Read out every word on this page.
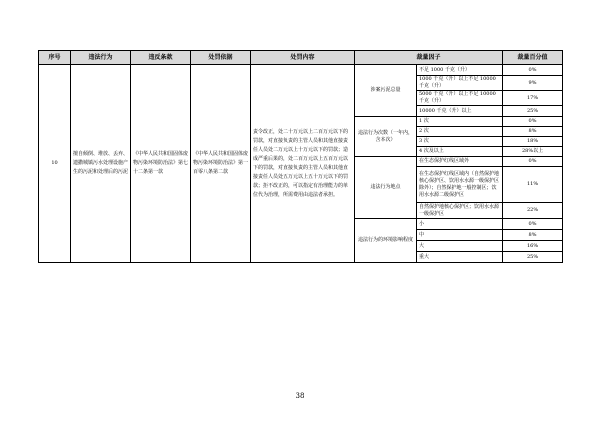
序号	违法行为	违反条款	处罚依据	处罚内容	裁量因子		裁量百分值
10	擅自倾倒、堆放、丢弃、遗撒城镇污水处理设施产生的污泥和处理后的污泥	《中华人民共和国固体废物污染环境防治法》第七十二条第一款	《中华人民共和国固体废物污染环境防治法》第一百零八条第二款	责令改正，处二十万元以上二百万元以下的罚款，对直接负责的主管人员和其他直接责任人员处二万元以上十万元以下的罚款；造成严重后果的，处二百万元以上五百万元以下的罚款，对直接负责的主管人员和其他直接责任人员处五万元以上五十万元以下的罚款；拒不改正的，可以指定有治理能力的单位代为治理，所需费用由违法者承担。	涉案污泥总量	不足 1000 千克（升）	0%
						1000 千克（升）以上不足 10000 千克（升）	9%
						5000 千克（升）以上不足 10000 千克（升）	17%
						10000 千克（升）以上	25%
					违法行为次数（一年内，含本次）	1 次	0%
						2 次	8%
						3 次	18%
						4 次及以上	28%以上
					违法行为地点	在生态保护红线区域外	0%
						在生态保护红线区域内（自然保护地核心保护区、饮用水水源一级保护区除外）；自然保护地一般控制区；饮用水水源二级保护区	11%
						自然保护地核心保护区；饮用水水源一级保护区	22%
					违法行为的环境影响程度	小	0%
						中	8%
						大	16%
						重大	25%
38
